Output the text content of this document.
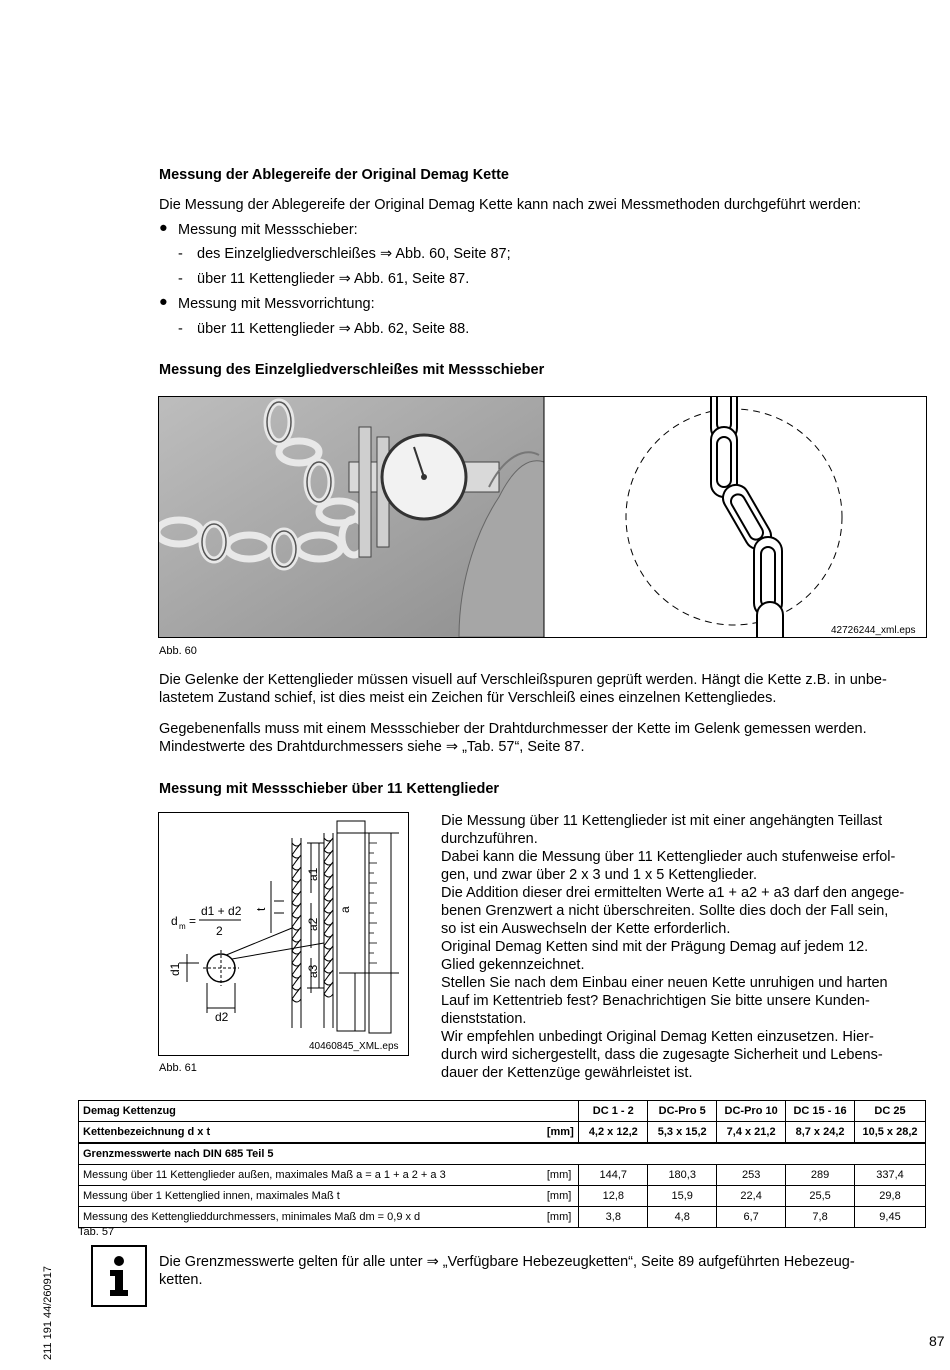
Messung der Ablegereife der Original Demag Kette
Die Messung der Ablegereife der Original Demag Kette kann nach zwei Messmethoden durchgeführt werden:
● Messung mit Messschieber:
- des Einzelgliedverschleißes ⇒ Abb. 60, Seite 87;
- über 11 Kettenglieder ⇒ Abb. 61, Seite 87.
● Messung mit Messvorrichtung:
- über 11 Kettenglieder ⇒ Abb. 62, Seite 88.
Messung des Einzelgliedverschleißes mit Messschieber
42726244_xml.eps
Abb. 60
Die Gelenke der Kettenglieder müssen visuell auf Verschleißspuren geprüft werden. Hängt die Kette z.B. in unbe-
lastetem Zustand schief, ist dies meist ein Zeichen für Verschleiß eines einzelnen Kettengliedes.
Gegebenenfalls muss mit einem Messschieber der Drahtdurchmesser der Kette im Gelenk gemessen werden.
Mindestwerte des Drahtdurchmessers siehe ⇒ „Tab. 57“, Seite 87.
Messung mit Messschieber über 11 Kettenglieder
d m =
d1 + d2
2
d1
d2
t
a1
a2
a3
a
40460845_XML.eps
Abb. 61
Die Messung über 11 Kettenglieder ist mit einer angehängten Teillast
durchzuführen.
Dabei kann die Messung über 11 Kettenglieder auch stufenweise erfol-
gen, und zwar über 2 x 3 und 1 x 5 Kettenglieder.
Die Addition dieser drei ermittelten Werte a1 + a2 + a3 darf den angege-
benen Grenzwert a nicht überschreiten. Sollte dies doch der Fall sein,
so ist ein Auswechseln der Kette erforderlich.
Original Demag Ketten sind mit der Prägung Demag auf jedem 12.
Glied gekennzeichnet.
Stellen Sie nach dem Einbau einer neuen Kette unruhigen und harten
Lauf im Kettentrieb fest? Benachrichtigen Sie bitte unsere Kunden-
dienststation.
Wir empfehlen unbedingt Original Demag Ketten einzusetzen. Hier-
durch wird sichergestellt, dass die zugesagte Sicherheit und Lebens-
dauer der Kettenzüge gewährleistet ist.
Demag Kettenzug		DC 1 - 2	DC-Pro 5	DC-Pro 10	DC 15 - 16	DC 25
Kettenbezeichnung d x t	[mm]	4,2 x 12,2	5,3 x 15,2	7,4 x 21,2	8,7 x 24,2	10,5 x 28,2
Grenzmesswerte nach DIN 685 Teil 5						
Messung über 11 Kettenglieder außen, maximales Maß a = a 1 + a 2 + a 3	[mm]	144,7	180,3	253	289	337,4
Messung über 1 Kettenglied innen, maximales Maß t	[mm]	12,8	15,9	22,4	25,5	29,8
Messung des Kettenglieddurchmessers, minimales Maß dm = 0,9 x d	[mm]	3,8	4,8	6,7	7,8	9,45
Tab. 57
Die Grenzmesswerte gelten für alle unter ⇒ „Verfügbare Hebezeugketten“, Seite 89 aufgeführten Hebezeug-
ketten.
211 191 44/260917	87
